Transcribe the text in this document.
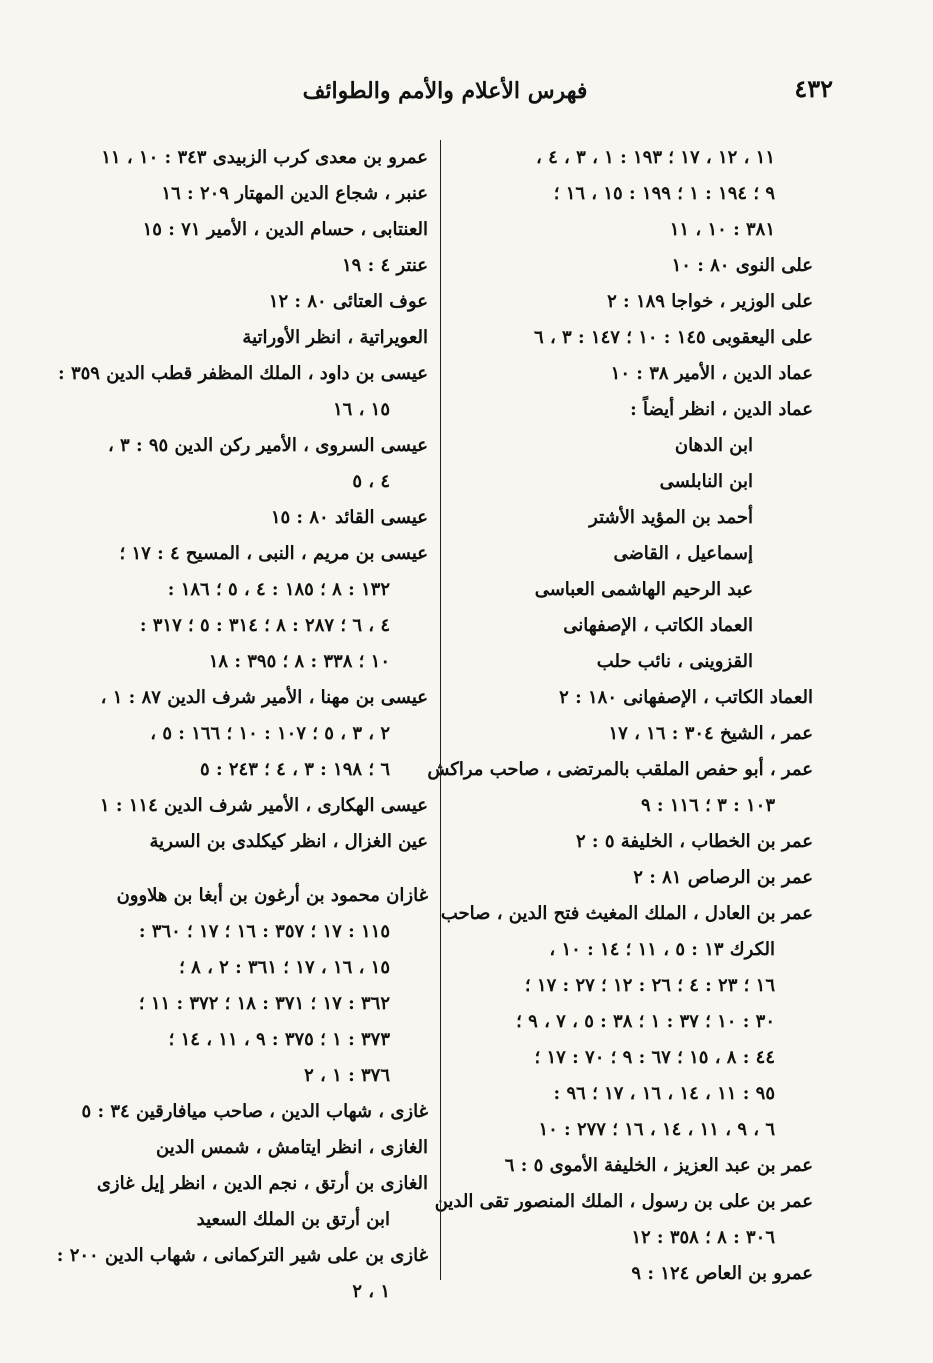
٤٣٢
فهرس الأعلام والأمم والطوائف
١١ ، ١٢ ، ١٧ ؛ ١٩٣ : ١ ، ٣ ، ٤ ،
٩ ؛ ١٩٤ : ١ ؛ ١٩٩ : ١٥ ، ١٦ ؛
٣٨١ : ١٠ ، ١١
على النوى ٨٠ : ١٠
على الوزير ، خواجا ١٨٩ : ٢
على اليعقوبى ١٤٥ : ١٠ ؛ ١٤٧ : ٣ ، ٦
عماد الدين ، الأمير ٣٨ : ١٠
عماد الدين ، انظر أيضاً :
ابن الدهان
ابن النابلسى
أحمد بن المؤيد الأشتر
إسماعيل ، القاضى
عبد الرحيم الهاشمى العباسى
العماد الكاتب ، الإصفهانى
القزوينى ، نائب حلب
العماد الكاتب ، الإصفهانى ١٨٠ : ٢
عمر ، الشيخ ٣٠٤ : ١٦ ، ١٧
عمر ، أبو حفص الملقب بالمرتضى ، صاحب مراكش
١٠٣ : ٣ ؛ ١١٦ : ٩
عمر بن الخطاب ، الخليفة ٥ : ٢
عمر بن الرصاص ٨١ : ٢
عمر بن العادل ، الملك المغيث فتح الدين ، صاحب
الكرك ١٣ : ٥ ، ١١ ؛ ١٤ : ١٠ ،
١٦ ؛ ٢٣ : ٤ ؛ ٢٦ : ١٢ ؛ ٢٧ : ١٧ ؛
٣٠ : ١٠ ؛ ٣٧ : ١ ؛ ٣٨ : ٥ ، ٧ ، ٩ ؛
٤٤ : ٨ ، ١٥ ؛ ٦٧ : ٩ ؛ ٧٠ : ١٧ ؛
٩٥ : ١١ ، ١٤ ، ١٦ ، ١٧ ؛ ٩٦ :
٦ ، ٩ ، ١١ ، ١٤ ، ١٦ ؛ ٢٧٧ : ١٠
عمر بن عبد العزيز ، الخليفة الأموى ٥ : ٦
عمر بن على بن رسول ، الملك المنصور تقى الدين
٣٠٦ : ٨ ؛ ٣٥٨ : ١٢
عمرو بن العاص ١٢٤ : ٩
عمرو بن معدى كرب الزبيدى ٣٤٣ : ١٠ ، ١١
عنبر ، شجاع الدين المهتار ٢٠٩ : ١٦
العنتابى ، حسام الدين ، الأمير ٧١ : ١٥
عنتر ٤ : ١٩
عوف العتائى ٨٠ : ١٢
العويراتية ، انظر الأوراتية
عيسى بن داود ، الملك المظفر قطب الدين ٣٥٩ :
١٥ ، ١٦
عيسى السروى ، الأمير ركن الدين ٩٥ : ٣ ،
٤ ، ٥
عيسى القائد ٨٠ : ١٥
عيسى بن مريم ، النبى ، المسيح ٤ : ١٧ ؛
١٣٢ : ٨ ؛ ١٨٥ : ٤ ، ٥ ؛ ١٨٦ :
٤ ، ٦ ؛ ٢٨٧ : ٨ ؛ ٣١٤ : ٥ ؛ ٣١٧ :
١٠ ؛ ٣٣٨ : ٨ ؛ ٣٩٥ : ١٨
عيسى بن مهنا ، الأمير شرف الدين ٨٧ : ١ ،
٢ ، ٣ ، ٥ ؛ ١٠٧ : ١٠ ؛ ١٦٦ : ٥ ،
٦ ؛ ١٩٨ : ٣ ، ٤ ؛ ٢٤٣ : ٥
عيسى الهكارى ، الأمير شرف الدين ١١٤ : ١
عين الغزال ، انظر كيكلدى بن السرية
غازان محمود بن أرغون بن أبغا بن هلاوون
١١٥ : ١٧ ؛ ٣٥٧ : ١٦ ؛ ١٧ ؛ ٣٦٠ :
١٥ ، ١٦ ، ١٧ ؛ ٣٦١ : ٢ ، ٨ ؛
٣٦٢ : ١٧ ؛ ٣٧١ : ١٨ ؛ ٣٧٢ : ١١ ؛
٣٧٣ : ١ ؛ ٣٧٥ : ٩ ، ١١ ، ١٤ ؛
٣٧٦ : ١ ، ٢
غازى ، شهاب الدين ، صاحب ميافارقين ٣٤ : ٥
الغازى ، انظر ايتامش ، شمس الدين
الغازى بن أرتق ، نجم الدين ، انظر إيل غازى
ابن أرتق بن الملك السعيد
غازى بن على شير التركمانى ، شهاب الدين ٢٠٠ :
١ ، ٢
